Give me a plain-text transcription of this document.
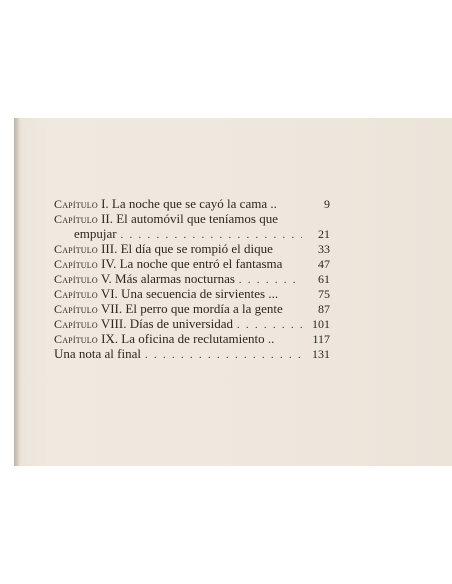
Capítulo I. La noche que se cayó la cama ..	9
Capítulo II. El automóvil que teníamos que
empujar . . .	21
Capítulo III. El día que se rompió el dique	33
Capítulo IV. La noche que entró el fantasma	47
Capítulo V. Más alarmas nocturnas . . .	61
Capítulo VI. Una secuencia de sirvientes ...	75
Capítulo VII. El perro que mordía a la gente	87
Capítulo VIII. Días de universidad . . .	101
Capítulo IX. La oficina de reclutamiento ..	117
Una nota al final . . .	131
